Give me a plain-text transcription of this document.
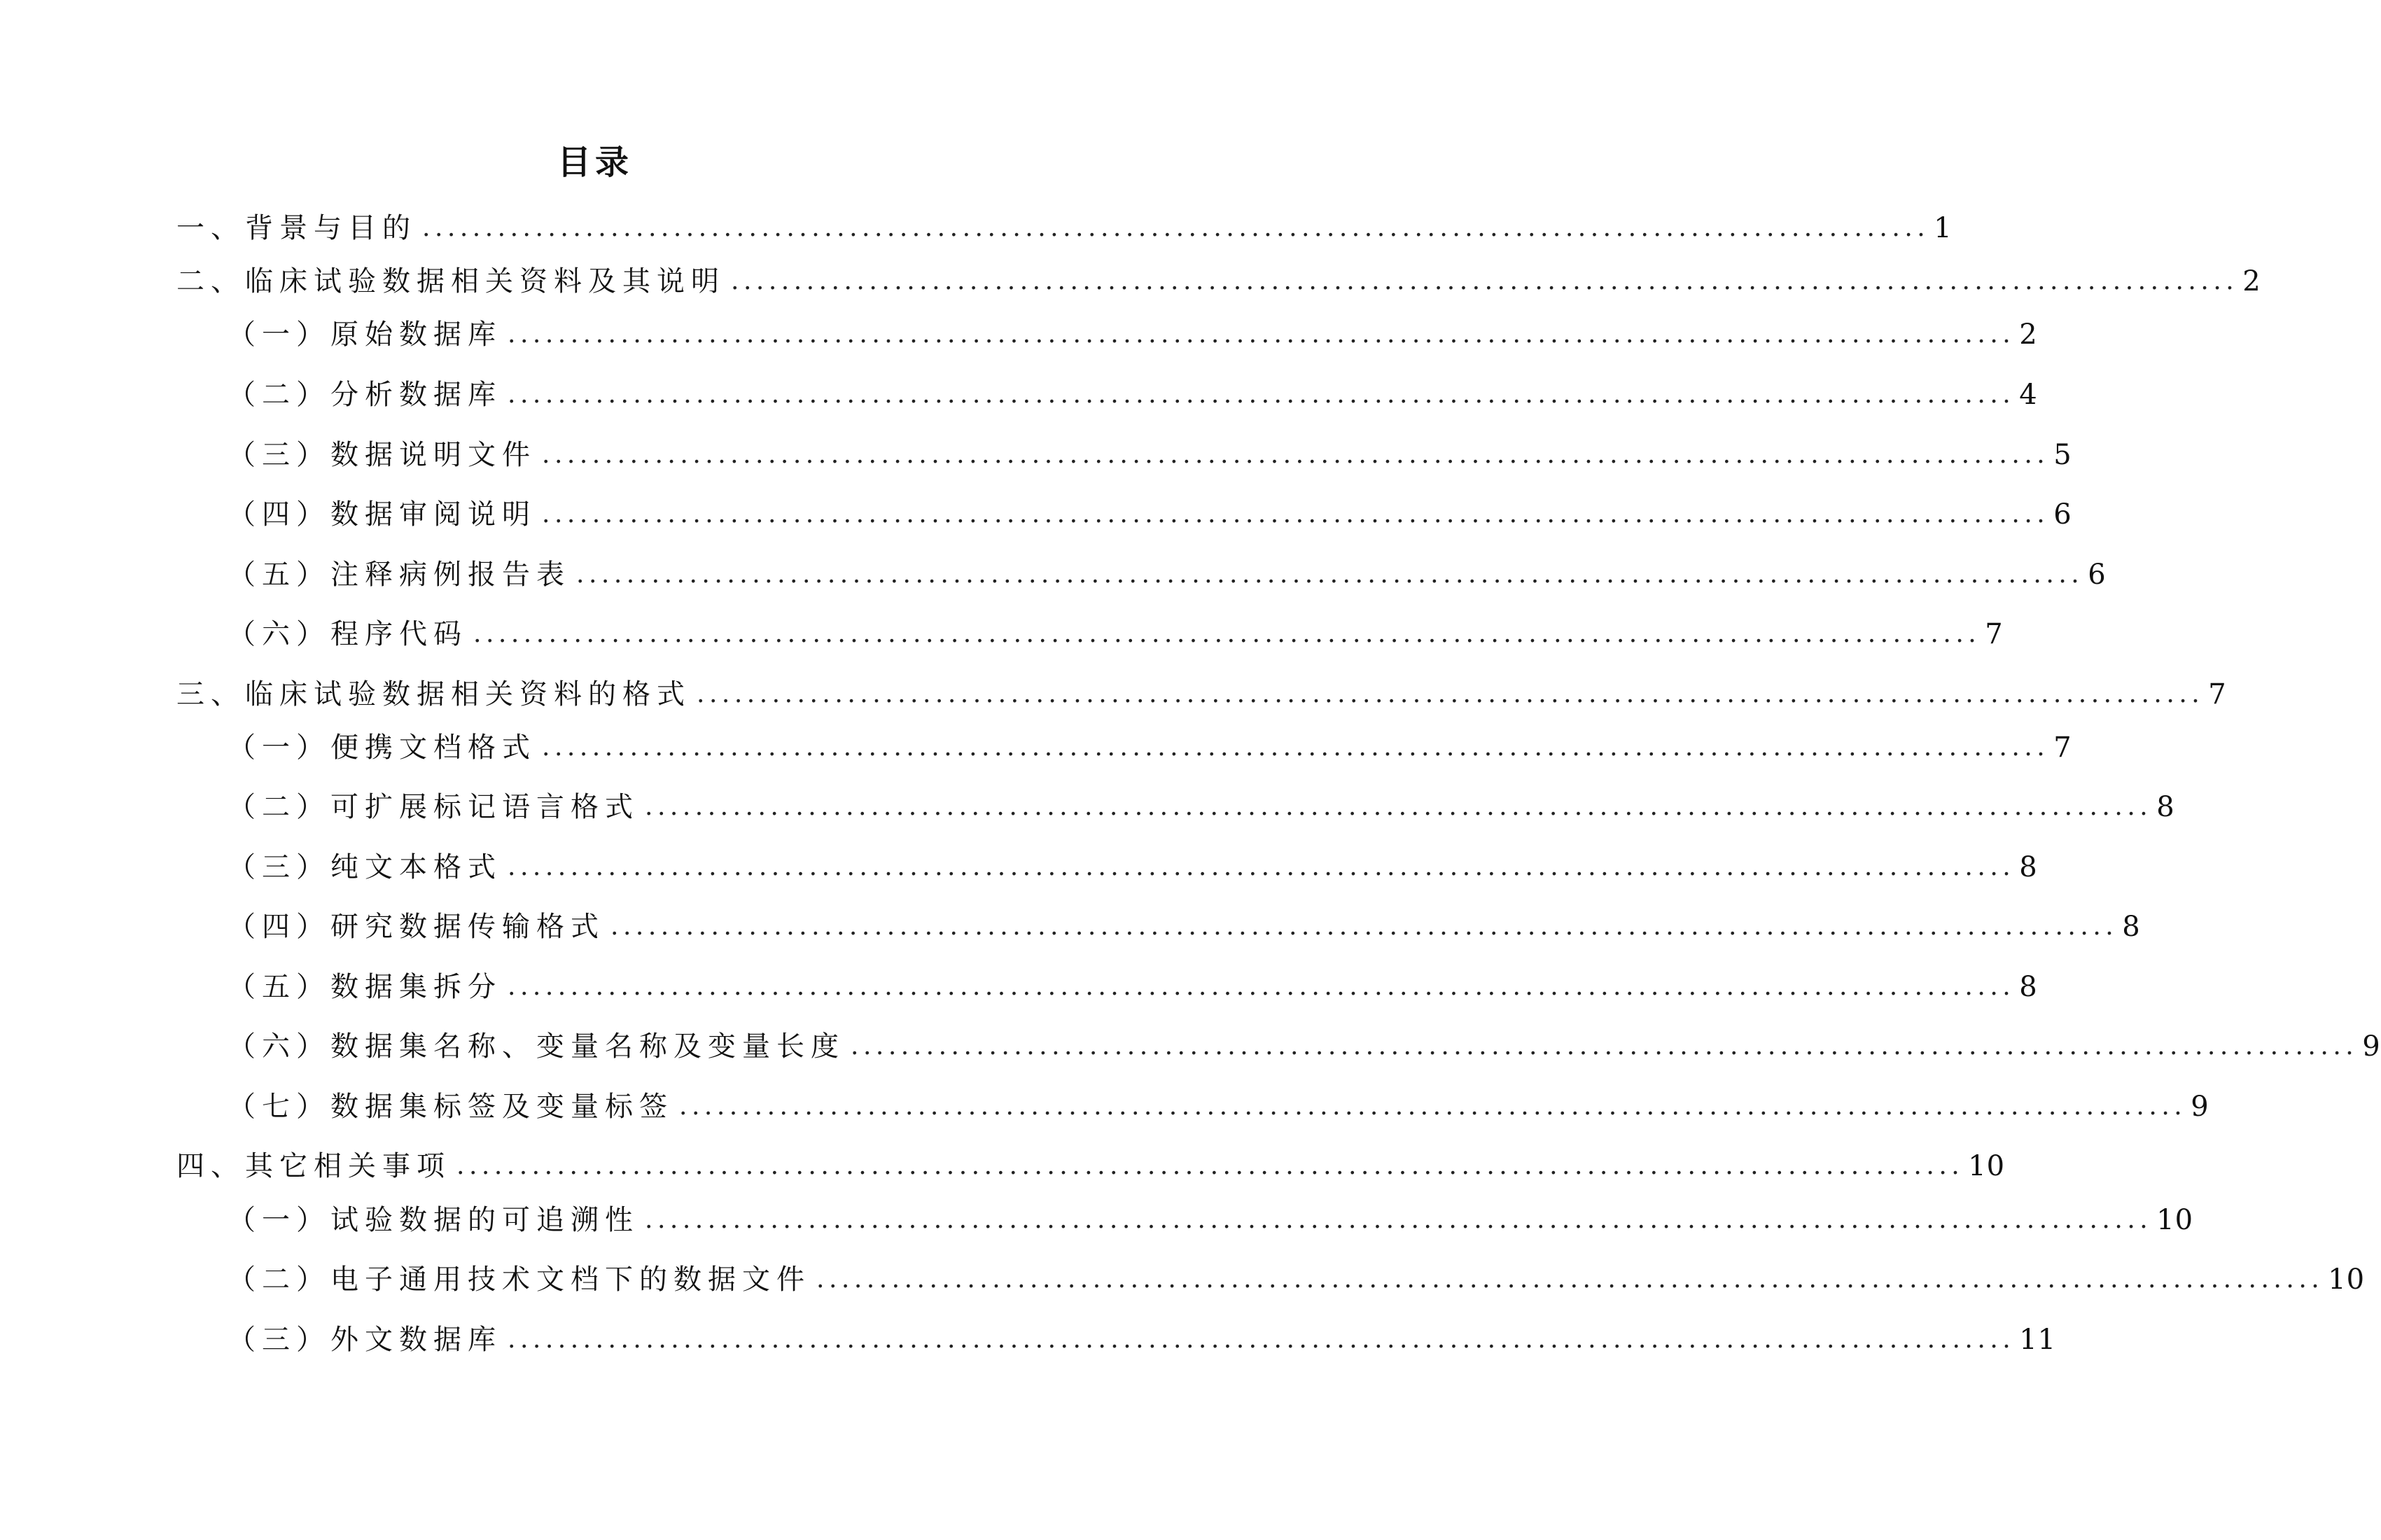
目录
一、背景与目的 ........................................................................................................................ 1
二、临床试验数据相关资料及其说明 ........................................................................................................................ 2
（一）原始数据库 ........................................................................................................................ 2
（二）分析数据库 ........................................................................................................................ 4
（三）数据说明文件 ........................................................................................................................ 5
（四）数据审阅说明 ........................................................................................................................ 6
（五）注释病例报告表 ........................................................................................................................ 6
（六）程序代码 ........................................................................................................................ 7
三、临床试验数据相关资料的格式 ........................................................................................................................ 7
（一）便携文档格式 ........................................................................................................................ 7
（二）可扩展标记语言格式 ........................................................................................................................ 8
（三）纯文本格式 ........................................................................................................................ 8
（四）研究数据传输格式 ........................................................................................................................ 8
（五）数据集拆分 ........................................................................................................................ 8
（六）数据集名称、变量名称及变量长度 ........................................................................................................................ 9
（七）数据集标签及变量标签 ........................................................................................................................ 9
四、其它相关事项 ........................................................................................................................ 10
（一）试验数据的可追溯性 ........................................................................................................................ 10
（二）电子通用技术文档下的数据文件 ........................................................................................................................ 10
（三）外文数据库 ........................................................................................................................ 11
